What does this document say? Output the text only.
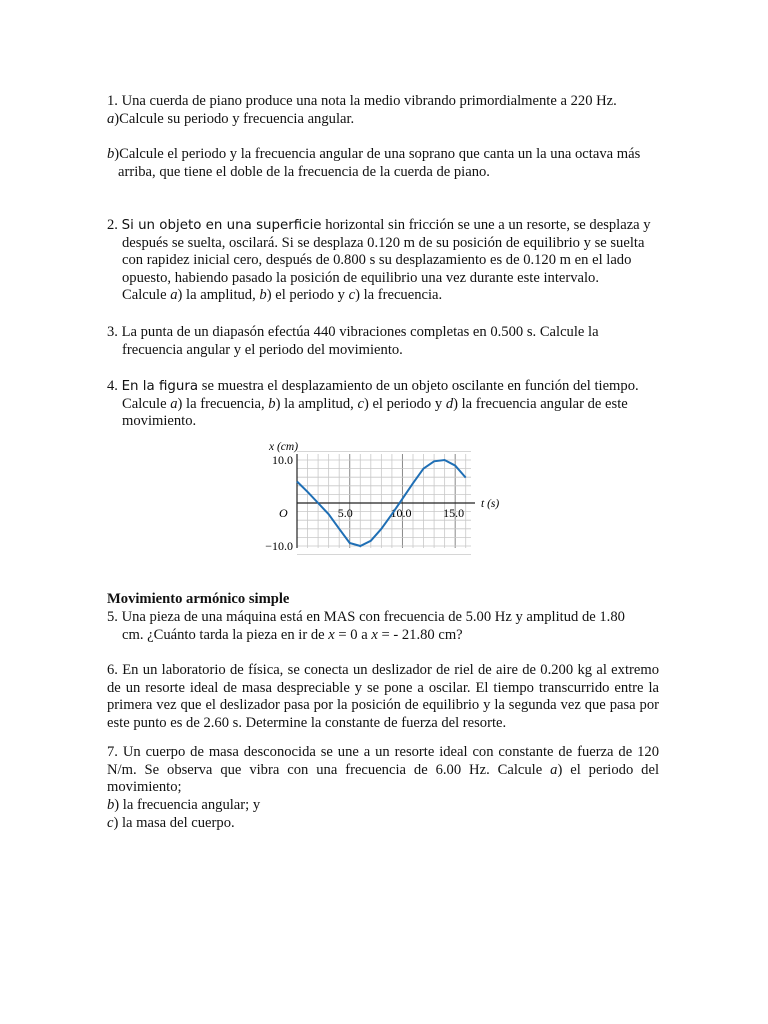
1. Una cuerda de piano produce una nota la medio vibrando primordialmente a 220 Hz.
a)Calcule su periodo y frecuencia angular.
b)Calcule el periodo y la frecuencia angular de una soprano que canta un la una octava más
arriba, que tiene el doble de la frecuencia de la cuerda de piano.
2. Si un objeto en una superficie horizontal sin fricción se une a un resorte, se desplaza y
después se suelta, oscilará. Si se desplaza 0.120 m de su posición de equilibrio y se suelta
con rapidez inicial cero, después de 0.800 s su desplazamiento es de 0.120 m en el lado
opuesto, habiendo pasado la posición de equilibrio una vez durante este intervalo.
Calcule a) la amplitud, b) el periodo y c) la frecuencia.
3. La punta de un diapasón efectúa 440 vibraciones completas en 0.500 s. Calcule la
frecuencia angular y el periodo del movimiento.
4. En la figura se muestra el desplazamiento de un objeto oscilante en función del tiempo.
Calcule a) la frecuencia, b) la amplitud, c) el periodo y d) la frecuencia angular de este
movimiento.
5.0	10.0	15.0
10.0
−10.0
x (cm)
t (s)
O
Movimiento armónico simple
5. Una pieza de una máquina está en MAS con frecuencia de 5.00 Hz y amplitud de 1.80
cm. ¿Cuánto tarda la pieza en ir de x = 0 a x = - 21.80 cm?
6. En un laboratorio de física, se conecta un deslizador de riel de aire de 0.200 kg al extremo de un resorte ideal de masa despreciable y se pone a oscilar. El tiempo transcurrido entre la primera vez que el deslizador pasa por la posición de equilibrio y la segunda vez que pasa por este punto es de 2.60 s. Determine la constante de fuerza del resorte.
7. Un cuerpo de masa desconocida se une a un resorte ideal con constante de fuerza de 120 N/m. Se observa que vibra con una frecuencia de 6.00 Hz. Calcule a) el periodo del movimiento;
b) la frecuencia angular; y
c) la masa del cuerpo.
